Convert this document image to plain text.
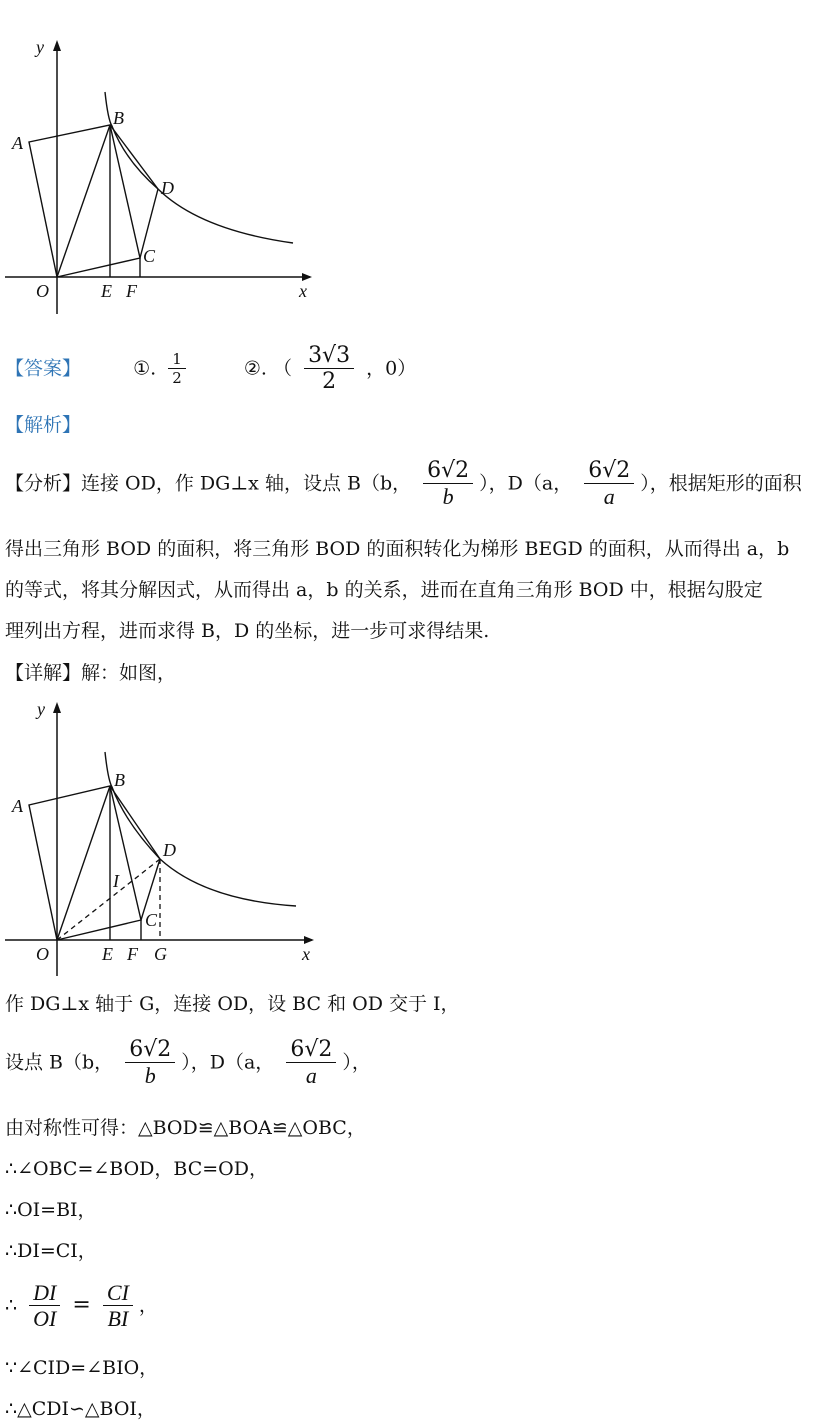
y
x
A
B
C
D
O	E F
【答案】	①. $\frac{1}{2}$	②. （ $\frac{3√3}{2}$ ，0）
【解析】
【分析】连接 OD，作 DG⊥x 轴，设点 B（b， $\frac{6√2}{b}$ ），D（a， $\frac{6√2}{a}$ ），根据矩形的面积
得出三角形 BOD 的面积，将三角形 BOD 的面积转化为梯形 BEGD 的面积，从而得出 a，b
的等式，将其分解因式，从而得出 a，b 的关系，进而在直角三角形 BOD 中，根据勾股定
理列出方程，进而求得 B，D 的坐标，进一步可求得结果.
【详解】解：如图，
y
x
A
B
C
D
I
O	E F G
作 DG⊥x 轴于 G，连接 OD，设 BC 和 OD 交于 I，
设点 B（b， $\frac{6√2}{b}$ ），D（a， $\frac{6√2}{a}$ ），
由对称性可得：△BOD≌△BOA≌△OBC，
∴∠OBC=∠BOD，BC=OD，
∴OI=BI，
∴DI=CI，
∴ $\frac{DI}{OI} = \frac{CI}{BI}$ ，
∵∠CID=∠BIO，
∴△CDI∽△BOI，
